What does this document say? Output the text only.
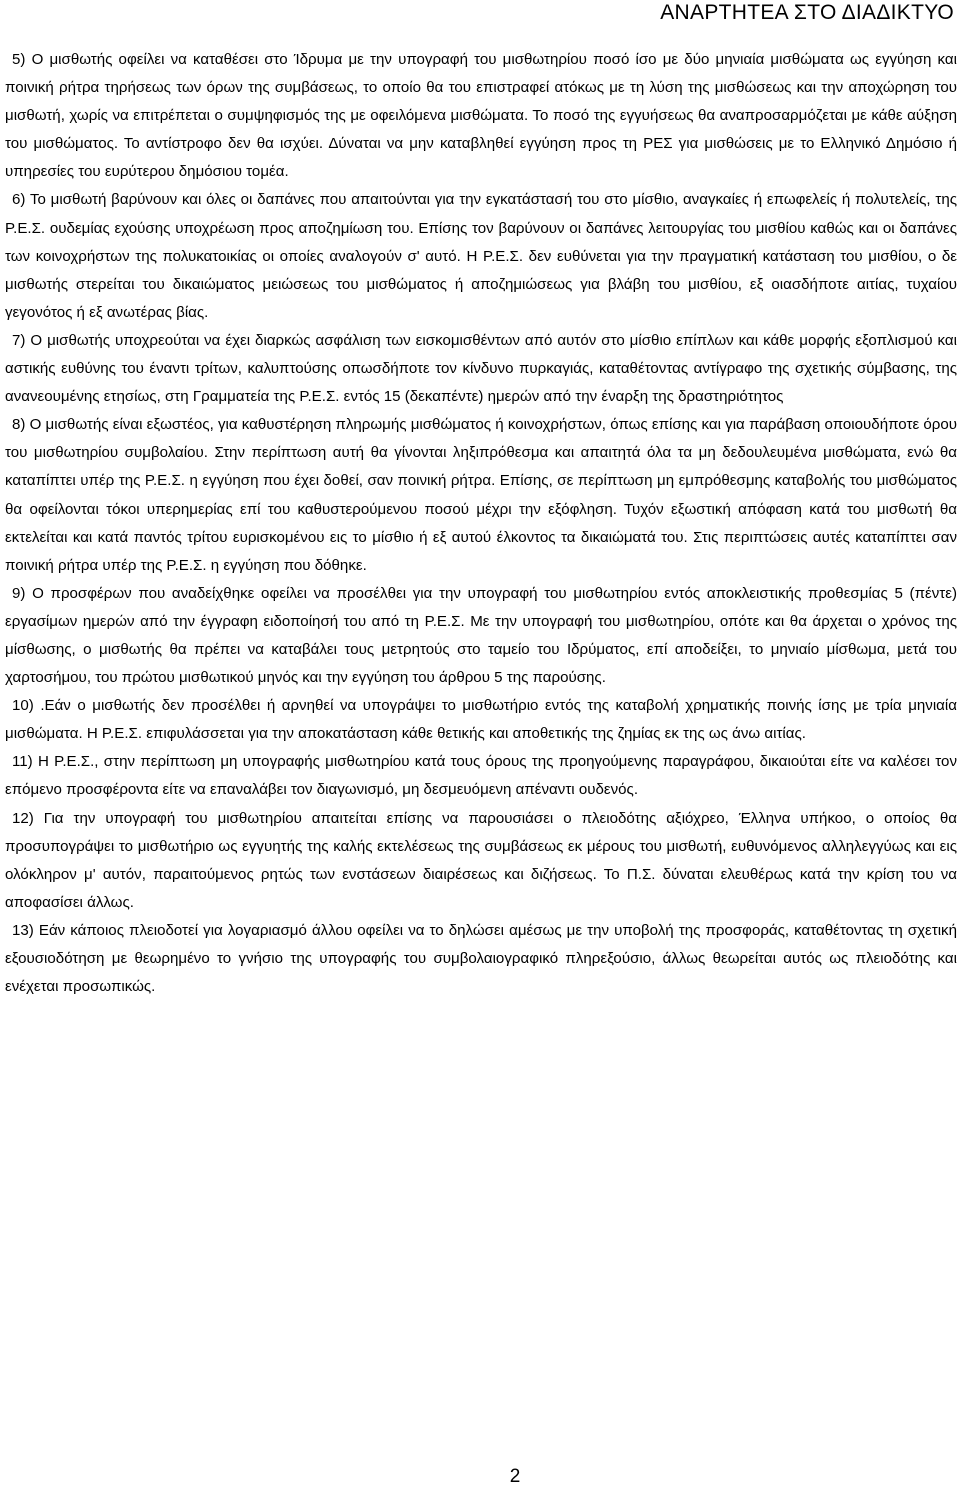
ΑΝΑΡΤΗΤΕΑ ΣΤΟ ΔΙΑΔΙΚΤΥΟ

5) Ο μισθωτής οφείλει να καταθέσει στο Ίδρυμα με την υπογραφή του μισθωτηρίου ποσό ίσο με δύο μηνιαία μισθώματα ως εγγύηση και ποινική ρήτρα τηρήσεως των όρων της συμβάσεως, το οποίο θα του επιστραφεί ατόκως με τη λύση της μισθώσεως και την αποχώρηση του μισθωτή, χωρίς να επιτρέπεται ο συμψηφισμός της με οφειλόμενα μισθώματα. Το ποσό της εγγυήσεως θα αναπροσαρμόζεται με κάθε αύξηση του μισθώματος. Το αντίστροφο δεν θα ισχύει. Δύναται να μην καταβληθεί εγγύηση προς τη ΡΕΣ για μισθώσεις με το Ελληνικό Δημόσιο ή υπηρεσίες του ευρύτερου δημόσιου τομέα.

6) Το μισθωτή βαρύνουν και όλες οι δαπάνες που απαιτούνται για την εγκατάστασή του στο μίσθιο, αναγκαίες ή επωφελείς ή πολυτελείς, της Ρ.Ε.Σ. ουδεμίας εχούσης υποχρέωση προς αποζημίωση του. Επίσης τον βαρύνουν οι δαπάνες λειτουργίας του μισθίου καθώς και οι δαπάνες των κοινοχρήστων της πολυκατοικίας οι οποίες αναλογούν σ' αυτό. Η Ρ.Ε.Σ. δεν ευθύνεται για την πραγματική κατάσταση του μισθίου, ο δε μισθωτής στερείται του δικαιώματος μειώσεως του μισθώματος ή αποζημιώσεως για βλάβη του μισθίου, εξ οιασδήποτε αιτίας, τυχαίου γεγονότος ή εξ ανωτέρας βίας.

7) Ο μισθωτής υποχρεούται να έχει διαρκώς ασφάλιση των εισκομισθέντων από αυτόν στο μίσθιο επίπλων και κάθε μορφής εξοπλισμού και αστικής ευθύνης του έναντι τρίτων, καλυπτούσης οπωσδήποτε τον κίνδυνο πυρκαγιάς, καταθέτοντας αντίγραφο της σχετικής σύμβασης, της ανανεουμένης ετησίως, στη Γραμματεία της Ρ.Ε.Σ. εντός 15 (δεκαπέντε) ημερών από την έναρξη της δραστηριότητος

8) Ο μισθωτής είναι εξωστέος, για καθυστέρηση πληρωμής μισθώματος ή κοινοχρήστων, όπως επίσης και για παράβαση οποιουδήποτε όρου του μισθωτηρίου συμβολαίου. Στην περίπτωση αυτή θα γίνονται ληξιπρόθεσμα και απαιτητά όλα τα μη δεδουλευμένα μισθώματα, ενώ θα καταπίπτει υπέρ της Ρ.Ε.Σ. η εγγύηση που έχει δοθεί, σαν ποινική ρήτρα. Επίσης, σε περίπτωση μη εμπρόθεσμης καταβολής του μισθώματος θα οφείλονται τόκοι υπερημερίας επί του καθυστερούμενου ποσού μέχρι την εξόφληση. Τυχόν εξωστική απόφαση κατά του μισθωτή θα εκτελείται και κατά παντός τρίτου ευρισκομένου εις το μίσθιο ή εξ αυτού έλκοντος τα δικαιώματά του. Στις περιπτώσεις αυτές καταπίπτει σαν ποινική ρήτρα υπέρ της Ρ.Ε.Σ. η εγγύηση που δόθηκε.

9) Ο προσφέρων που αναδείχθηκε οφείλει να προσέλθει για την υπογραφή του μισθωτηρίου εντός αποκλειστικής προθεσμίας 5 (πέντε) εργασίμων ημερών από την έγγραφη ειδοποίησή του από τη Ρ.Ε.Σ. Με την υπογραφή του μισθωτηρίου, οπότε και θα άρχεται ο χρόνος της μίσθωσης, ο μισθωτής θα πρέπει να καταβάλει τους μετρητούς στο ταμείο του Ιδρύματος, επί αποδείξει, το μηνιαίο μίσθωμα, μετά του χαρτοσήμου, του πρώτου μισθωτικού μηνός και την εγγύηση του άρθρου 5 της παρούσης.

10) .Εάν ο μισθωτής δεν προσέλθει ή αρνηθεί να υπογράψει το μισθωτήριο εντός της καταβολή χρηματικής ποινής ίσης με τρία μηνιαία μισθώματα. Η Ρ.Ε.Σ. επιφυλάσσεται για την αποκατάσταση κάθε θετικής και αποθετικής της ζημίας εκ της ως άνω αιτίας.

11) Η Ρ.Ε.Σ., στην περίπτωση μη υπογραφής μισθωτηρίου κατά τους όρους της προηγούμενης παραγράφου, δικαιούται είτε να καλέσει τον επόμενο προσφέροντα είτε να επαναλάβει τον διαγωνισμό, μη δεσμευόμενη απέναντι ουδενός.

12) Για την υπογραφή του μισθωτηρίου απαιτείται επίσης να παρουσιάσει ο πλειοδότης αξιόχρεο, Έλληνα υπήκοο, ο οποίος θα προσυπογράψει το μισθωτήριο ως εγγυητής της καλής εκτελέσεως της συμβάσεως εκ μέρους του μισθωτή, ευθυνόμενος αλληλεγγύως και εις ολόκληρον μ' αυτόν, παραιτούμενος ρητώς των ενστάσεων διαιρέσεως και διζήσεως. Το Π.Σ. δύναται ελευθέρως κατά την κρίση του να αποφασίσει άλλως.

13) Εάν κάποιος πλειοδοτεί για λογαριασμό άλλου οφείλει να το δηλώσει αμέσως με την υποβολή της προσφοράς, καταθέτοντας τη σχετική εξουσιοδότηση με θεωρημένο το γνήσιο της υπογραφής του συμβολαιογραφικό πληρεξούσιο, άλλως θεωρείται αυτός ως πλειοδότης και ενέχεται προσωπικώς.

2
